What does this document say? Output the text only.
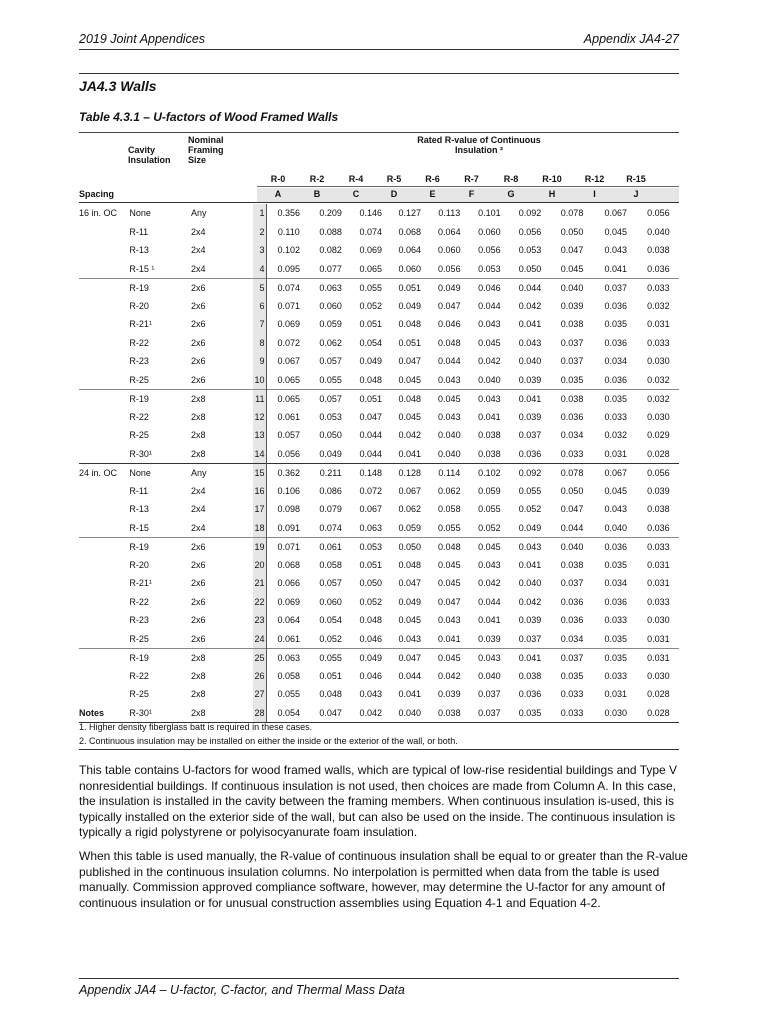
2019 Joint Appendices	Appendix JA4-27
JA4.3 Walls
Table 4.3.1 – U-factors of Wood Framed Walls

Cavity
Insulation
Nominal
Framing
Size
Rated R-value of Continuous
Insulation ²
R-0	R-2	R-4	R-5	R-6	R-7	R-8	R-10	R-12	R-15
A	B	C	D	E	F	G	H	I	J
Spacing
16 in. OC	None	Any	1	0.356	0.209	0.146	0.127	0.113	0.101	0.092	0.078	0.067	0.056
	R-11	2x4	2	0.110	0.088	0.074	0.068	0.064	0.060	0.056	0.050	0.045	0.040
	R-13	2x4	3	0.102	0.082	0.069	0.064	0.060	0.056	0.053	0.047	0.043	0.038
	R-15 ¹	2x4	4	0.095	0.077	0.065	0.060	0.056	0.053	0.050	0.045	0.041	0.036
	R-19	2x6	5	0.074	0.063	0.055	0.051	0.049	0.046	0.044	0.040	0.037	0.033
	R-20	2x6	6	0.071	0.060	0.052	0.049	0.047	0.044	0.042	0.039	0.036	0.032
	R-21¹	2x6	7	0.069	0.059	0.051	0.048	0.046	0.043	0.041	0.038	0.035	0.031
	R-22	2x6	8	0.072	0.062	0.054	0.051	0.048	0.045	0.043	0.037	0.036	0.033
	R-23	2x6	9	0.067	0.057	0.049	0.047	0.044	0.042	0.040	0.037	0.034	0.030
	R-25	2x6	10	0.065	0.055	0.048	0.045	0.043	0.040	0.039	0.035	0.036	0.032
	R-19	2x8	11	0.065	0.057	0.051	0.048	0.045	0.043	0.041	0.038	0.035	0.032
	R-22	2x8	12	0.061	0.053	0.047	0.045	0.043	0.041	0.039	0.036	0.033	0.030
	R-25	2x8	13	0.057	0.050	0.044	0.042	0.040	0.038	0.037	0.034	0.032	0.029
	R-30¹	2x8	14	0.056	0.049	0.044	0.041	0.040	0.038	0.036	0.033	0.031	0.028
24 in. OC	None	Any	15	0.362	0.211	0.148	0.128	0.114	0.102	0.092	0.078	0.067	0.056
	R-11	2x4	16	0.106	0.086	0.072	0.067	0.062	0.059	0.055	0.050	0.045	0.039
	R-13	2x4	17	0.098	0.079	0.067	0.062	0.058	0.055	0.052	0.047	0.043	0.038
	R-15	2x4	18	0.091	0.074	0.063	0.059	0.055	0.052	0.049	0.044	0.040	0.036
	R-19	2x6	19	0.071	0.061	0.053	0.050	0.048	0.045	0.043	0.040	0.036	0.033
	R-20	2x6	20	0.068	0.058	0.051	0.048	0.045	0.043	0.041	0.038	0.035	0.031
	R-21¹	2x6	21	0.066	0.057	0.050	0.047	0.045	0.042	0.040	0.037	0.034	0.031
	R-22	2x6	22	0.069	0.060	0.052	0.049	0.047	0.044	0.042	0.036	0.036	0.033
	R-23	2x6	23	0.064	0.054	0.048	0.045	0.043	0.041	0.039	0.036	0.033	0.030
	R-25	2x6	24	0.061	0.052	0.046	0.043	0.041	0.039	0.037	0.034	0.035	0.031
	R-19	2x8	25	0.063	0.055	0.049	0.047	0.045	0.043	0.041	0.037	0.035	0.031
	R-22	2x8	26	0.058	0.051	0.046	0.044	0.042	0.040	0.038	0.035	0.033	0.030
	R-25	2x8	27	0.055	0.048	0.043	0.041	0.039	0.037	0.036	0.033	0.031	0.028
	R-30¹	2x8	28	0.054	0.047	0.042	0.040	0.038	0.037	0.035	0.033	0.030	0.028
Notes
1. Higher density fiberglass batt is required in these cases.
2. Continuous insulation may be installed on either the inside or the exterior of the wall, or both.
This table contains U-factors for wood framed walls, which are typical of low-rise residential buildings and Type V nonresidential buildings. If continuous insulation is not used, then choices are made from Column A. In this case, the insulation is installed in the cavity between the framing members. When continuous insulation is-used, this is typically installed on the exterior side of the wall, but can also be used on the inside. The continuous insulation is typically a rigid polystyrene or polyisocyanurate foam insulation.
When this table is used manually, the R-value of continuous insulation shall be equal to or greater than the R-value published in the continuous insulation columns. No interpolation is permitted when data from the table is used manually. Commission approved compliance software, however, may determine the U-factor for any amount of continuous insulation or for unusual construction assemblies using Equation 4-1 and Equation 4-2.
Appendix JA4 – U-factor, C-factor, and Thermal Mass Data
